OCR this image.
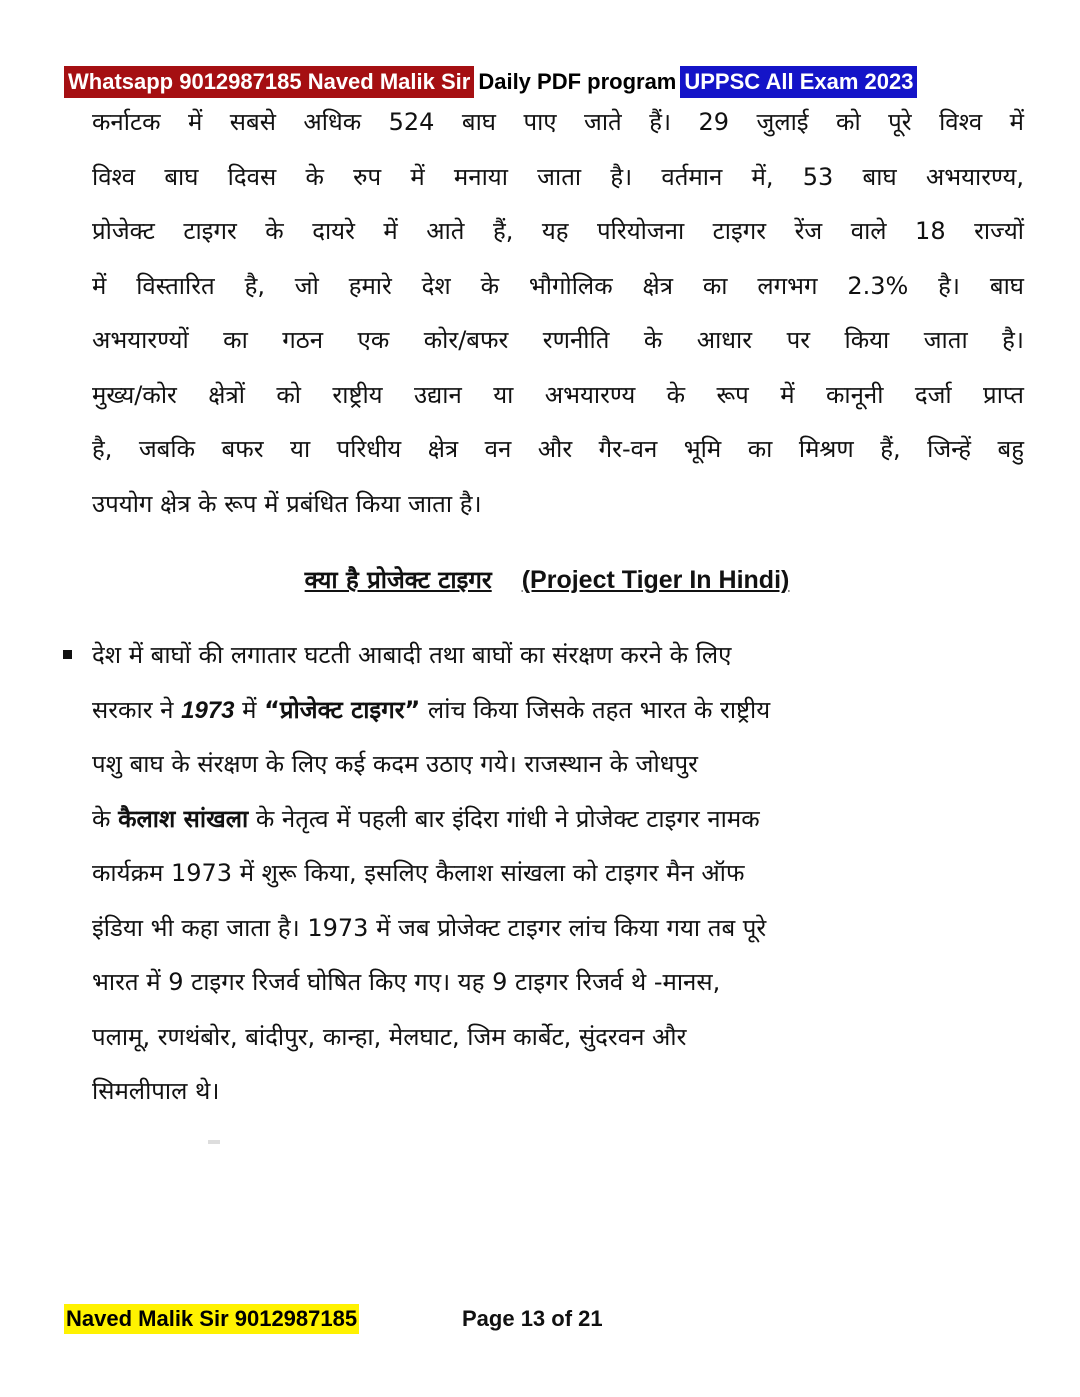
Whatsapp 9012987185 Naved Malik Sir Daily PDF program UPPSC All Exam 2023
कर्नाटक में सबसे अधिक 524 बाघ पाए जाते हैं। 29 जुलाई को पूरे विश्व में
विश्व बाघ दिवस के रुप में मनाया जाता है। वर्तमान में, 53 बाघ अभयारण्य,
प्रोजेक्ट टाइगर के दायरे में आते हैं, यह परियोजना टाइगर रेंज वाले 18 राज्यों
में विस्तारित है, जो हमारे देश के भौगोलिक क्षेत्र का लगभग 2.3% है। बाघ
अभयारण्यों का गठन एक कोर/बफर रणनीति के आधार पर किया जाता है।
मुख्य/कोर क्षेत्रों को राष्ट्रीय उद्यान या अभयारण्य के रूप में कानूनी दर्जा प्राप्त
है, जबकि बफर या परिधीय क्षेत्र वन और गैर-वन भूमि का मिश्रण हैं, जिन्हें बहु
उपयोग क्षेत्र के रूप में प्रबंधित किया जाता है।
क्या है प्रोजेक्ट टाइगर (Project Tiger In Hindi)
देश में बाघों की लगातार घटती आबादी तथा बाघों का संरक्षण करने के लिए
सरकार ने 1973 में “प्रोजेक्ट टाइगर” लांच किया जिसके तहत भारत के राष्ट्रीय
पशु बाघ के संरक्षण के लिए कई कदम उठाए गये। राजस्थान के जोधपुर
के कैलाश सांखला के नेतृत्व में पहली बार इंदिरा गांधी ने प्रोजेक्ट टाइगर नामक
कार्यक्रम 1973 में शुरू किया, इसलिए कैलाश सांखला को टाइगर मैन ऑफ
इंडिया भी कहा जाता है। 1973 में जब प्रोजेक्ट टाइगर लांच किया गया तब पूरे
भारत में 9 टाइगर रिजर्व घोषित किए गए। यह 9 टाइगर रिजर्व थे -मानस,
पलामू, रणथंबोर, बांदीपुर, कान्हा, मेलघाट, जिम कार्बेट, सुंदरवन और
सिमलीपाल थे।
Naved Malik Sir 9012987185	Page 13 of 21
